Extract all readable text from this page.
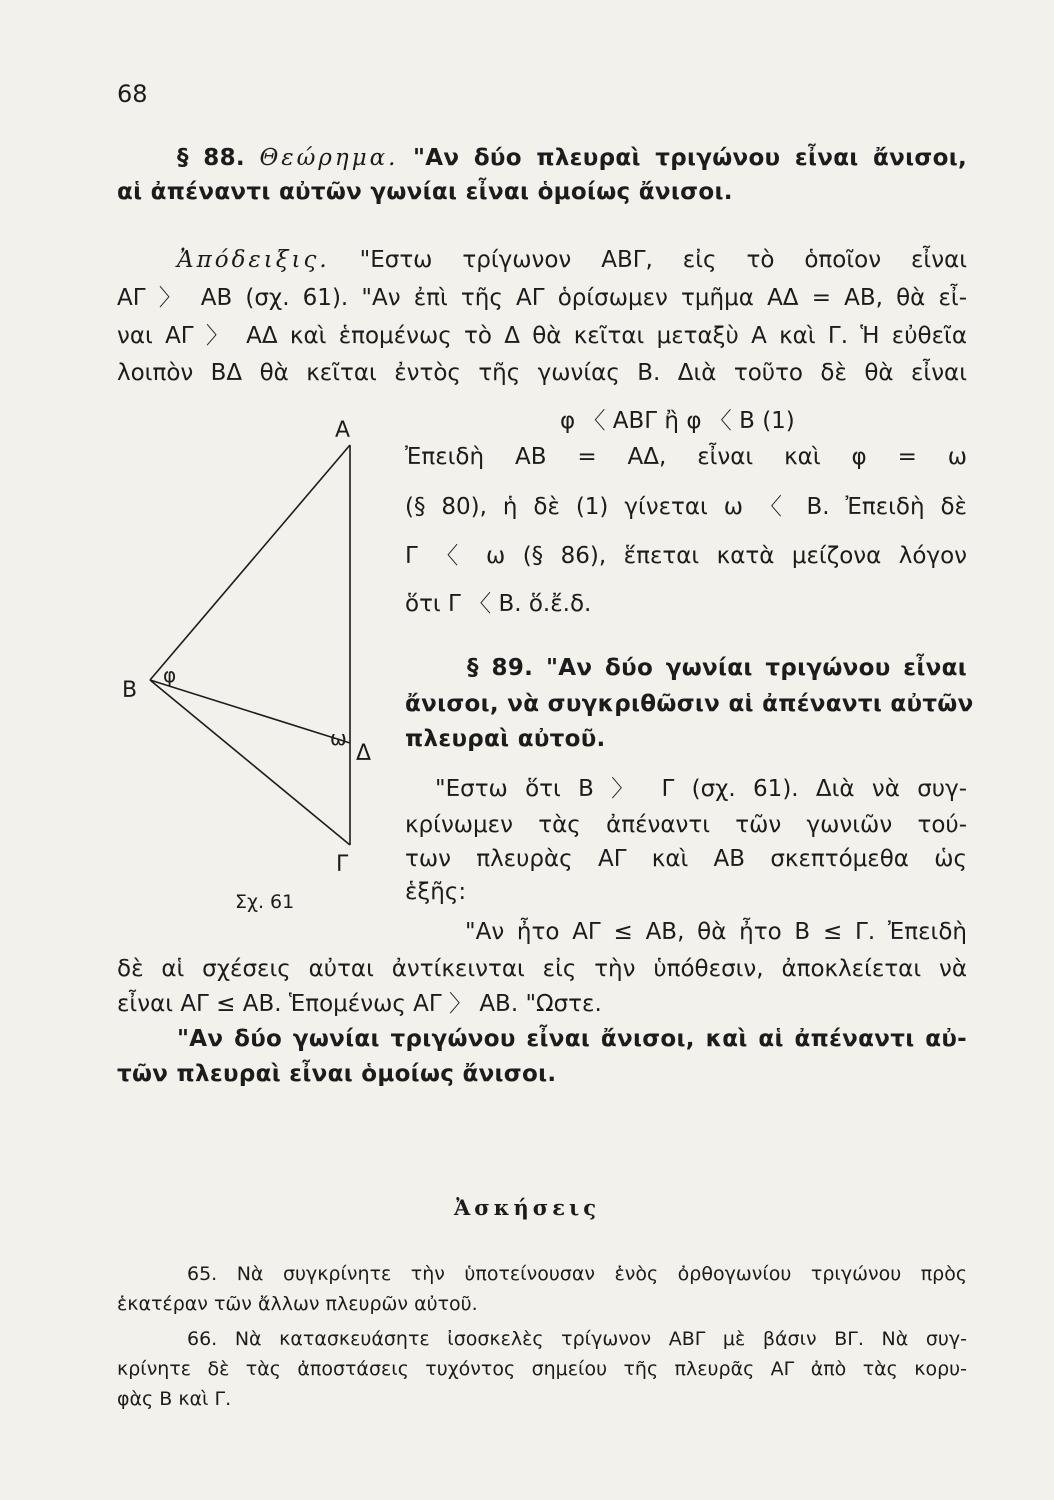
68
§ 88. Θεώρημα. "Αν δύο πλευραὶ τριγώνου εἶναι ἄνισοι,
αἱ ἀπέναντι αὐτῶν γωνίαι εἶναι ὁμοίως ἄνισοι.
Ἀπόδειξις. "Εστω τρίγωνον ΑΒΓ, εἰς τὸ ὁποῖον εἶναι
ΑΓ 〉 ΑΒ (σχ. 61). "Αν ἐπὶ τῆς ΑΓ ὁρίσωμεν τμῆμα ΑΔ = ΑΒ, θὰ εἶ-
ναι ΑΓ 〉 ΑΔ καὶ ἑπομένως τὸ Δ θὰ κεῖται μεταξὺ Α καὶ Γ. Ἡ εὐθεῖα
λοιπὸν ΒΔ θὰ κεῖται ἐντὸς τῆς γωνίας Β. Διὰ τοῦτο δὲ θὰ εἶναι
φ 〈 ΑΒΓ ἢ φ 〈 Β (1)
Ἐπειδὴ ΑΒ = ΑΔ, εἶναι καὶ φ = ω
(§ 80), ἡ δὲ (1) γίνεται ω 〈 Β. Ἐπειδὴ δὲ
Γ 〈 ω (§ 86), ἕπεται κατὰ μείζονα λόγον
ὅτι Γ 〈 Β. ὅ.ἔ.δ.
§ 89. "Αν δύο γωνίαι τριγώνου εἶναι
ἄνισοι, νὰ συγκριθῶσιν αἱ ἀπέναντι αὐτῶν
πλευραὶ αὐτοῦ.
"Εστω ὅτι Β 〉 Γ (σχ. 61). Διὰ νὰ συγ-
κρίνωμεν τὰς ἀπέναντι τῶν γωνιῶν τού-
των πλευρὰς ΑΓ καὶ ΑΒ σκεπτόμεθα ὡς
ἑξῆς:
"Αν ἦτο ΑΓ ≤ ΑΒ, θὰ ἦτο Β ≤ Γ. Ἐπειδὴ
δὲ αἱ σχέσεις αὐται ἀντίκεινται εἰς τὴν ὑπόθεσιν, ἀποκλείεται νὰ
εἶναι ΑΓ ≤ ΑΒ. Ἑπομένως ΑΓ 〉 ΑΒ. "Ωστε.
"Αν δύο γωνίαι τριγώνου εἶναι ἄνισοι, καὶ αἱ ἀπέναντι αὐ-
τῶν πλευραὶ εἶναι ὁμοίως ἄνισοι.
Α
Β
Γ
Δ
φ
ω
Σχ. 61
Ἀσκήσεις
65. Νὰ συγκρίνητε τὴν ὑποτείνουσαν ἑνὸς ὀρθογωνίου τριγώνου πρὸς
ἑκατέραν τῶν ἄλλων πλευρῶν αὐτοῦ.
66. Νὰ κατασκευάσητε ἰσοσκελὲς τρίγωνον ΑΒΓ μὲ βάσιν ΒΓ. Νὰ συγ-
κρίνητε δὲ τὰς ἀποστάσεις τυχόντος σημείου τῆς πλευρᾶς ΑΓ ἀπὸ τὰς κορυ-
φὰς Β καὶ Γ.
